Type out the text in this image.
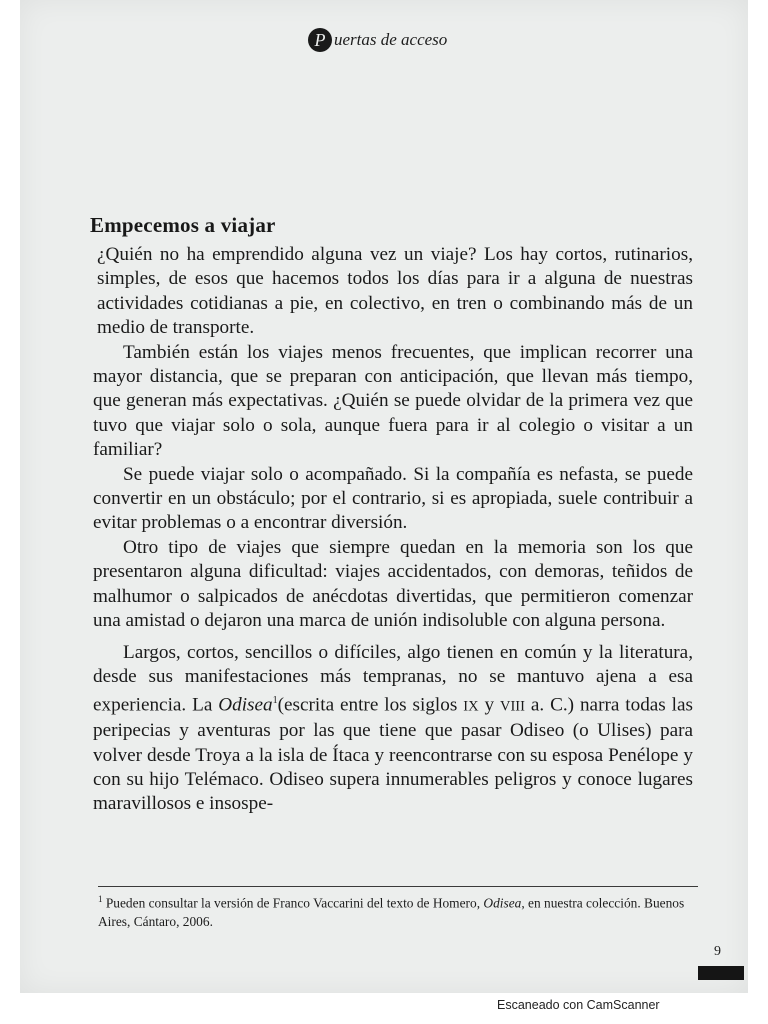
P uertas de acceso
Empecemos a viajar

¿Quién no ha emprendido alguna vez un viaje? Los hay cortos, rutinarios, simples, de esos que hacemos todos los días para ir a alguna de nuestras actividades cotidianas a pie, en colectivo, en tren o combinando más de un medio de transporte.

También están los viajes menos frecuentes, que implican recorrer una mayor distancia, que se preparan con anticipación, que llevan más tiempo, que generan más expectativas. ¿Quién se puede olvidar de la primera vez que tuvo que viajar solo o sola, aunque fuera para ir al colegio o visitar a un familiar?

Se puede viajar solo o acompañado. Si la compañía es nefasta, se puede convertir en un obstáculo; por el contrario, si es apropiada, suele contribuir a evitar problemas o a encontrar diversión.

Otro tipo de viajes que siempre quedan en la memoria son los que presentaron alguna dificultad: viajes accidentados, con demoras, teñidos de malhumor o salpicados de anécdotas divertidas, que permitieron comenzar una amistad o dejaron una marca de unión indisoluble con alguna persona.

Largos, cortos, sencillos o difíciles, algo tienen en común y la literatura, desde sus manifestaciones más tempranas, no se mantuvo ajena a esa experiencia. La Odisea$^1$(escrita entre los siglos IX y VIII a. C.) narra todas las peripecias y aventuras por las que tiene que pasar Odiseo (o Ulises) para volver desde Troya a la isla de Ítaca y reencontrarse con su esposa Penélope y con su hijo Telémaco. Odiseo supera innumerables peligros y conoce lugares maravillosos e insospe-

$^1$ Pueden consultar la versión de Franco Vaccarini del texto de Homero, Odisea, en nuestra colección. Buenos Aires, Cántaro, 2006.
9
Escaneado con CamScanner
